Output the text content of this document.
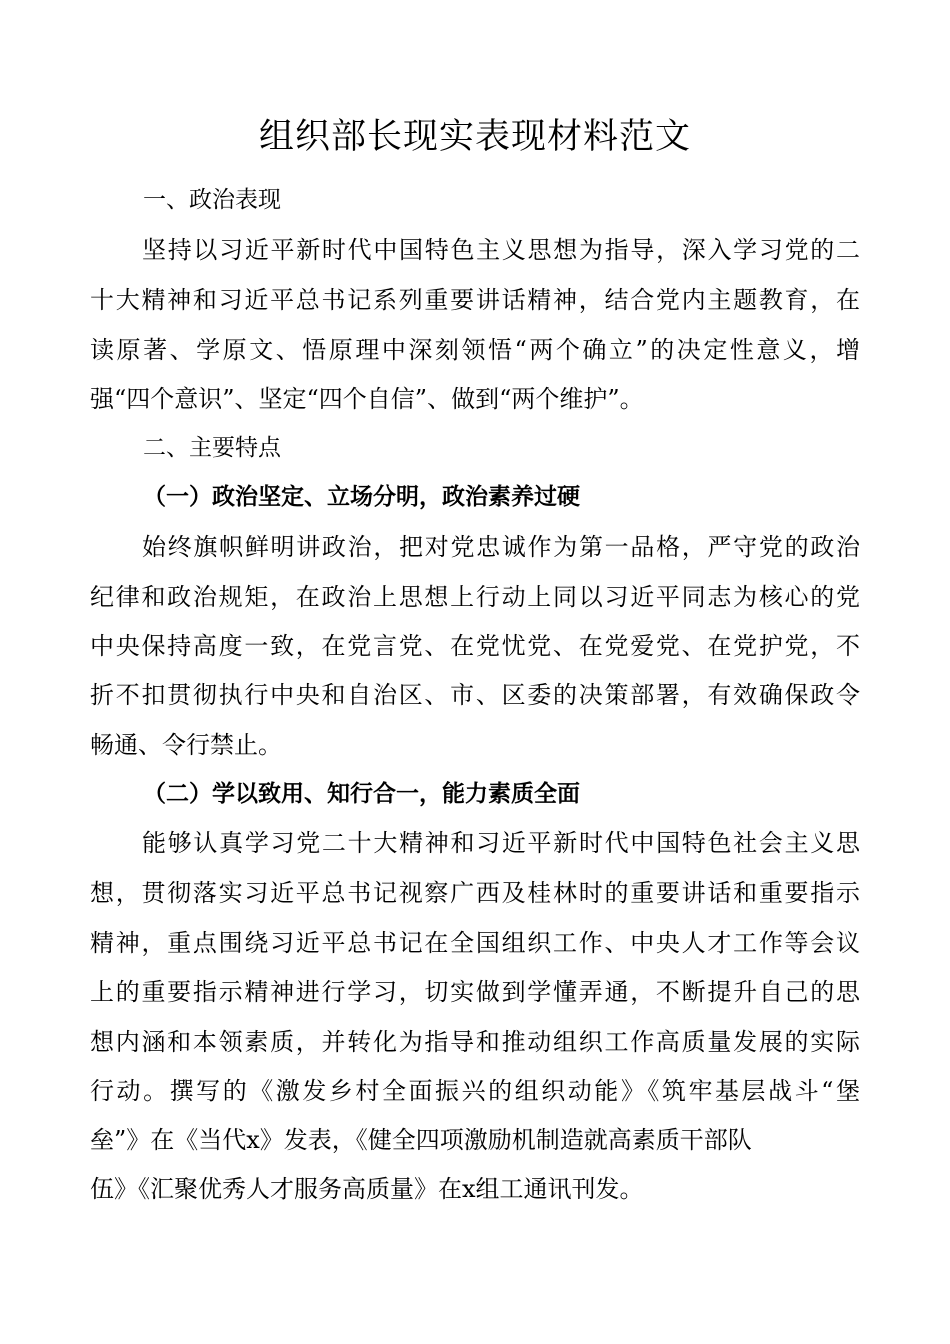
组织部长现实表现材料范文
一、政治表现
坚持以习近平新时代中国特色主义思想为指导，深入学习党的二
十大精神和习近平总书记系列重要讲话精神，结合党内主题教育，在
读原著、学原文、悟原理中深刻领悟“两个确立”的决定性意义，增
强“四个意识”、坚定“四个自信”、做到“两个维护”。
二、主要特点
（一）政治坚定、立场分明，政治素养过硬
始终旗帜鲜明讲政治，把对党忠诚作为第一品格，严守党的政治
纪律和政治规矩，在政治上思想上行动上同以习近平同志为核心的党
中央保持高度一致，在党言党、在党忧党、在党爱党、在党护党，不
折不扣贯彻执行中央和自治区、市、区委的决策部署，有效确保政令
畅通、令行禁止。
（二）学以致用、知行合一，能力素质全面
能够认真学习党二十大精神和习近平新时代中国特色社会主义思
想，贯彻落实习近平总书记视察广西及桂林时的重要讲话和重要指示
精神，重点围绕习近平总书记在全国组织工作、中央人才工作等会议
上的重要指示精神进行学习，切实做到学懂弄通，不断提升自己的思
想内涵和本领素质，并转化为指导和推动组织工作高质量发展的实际
行动。撰写的《激发乡村全面振兴的组织动能》《筑牢基层战斗“堡
垒”》在《当代x》发表，《健全四项激励机制造就高素质干部队
伍》《汇聚优秀人才服务高质量》在x组工通讯刊发。
